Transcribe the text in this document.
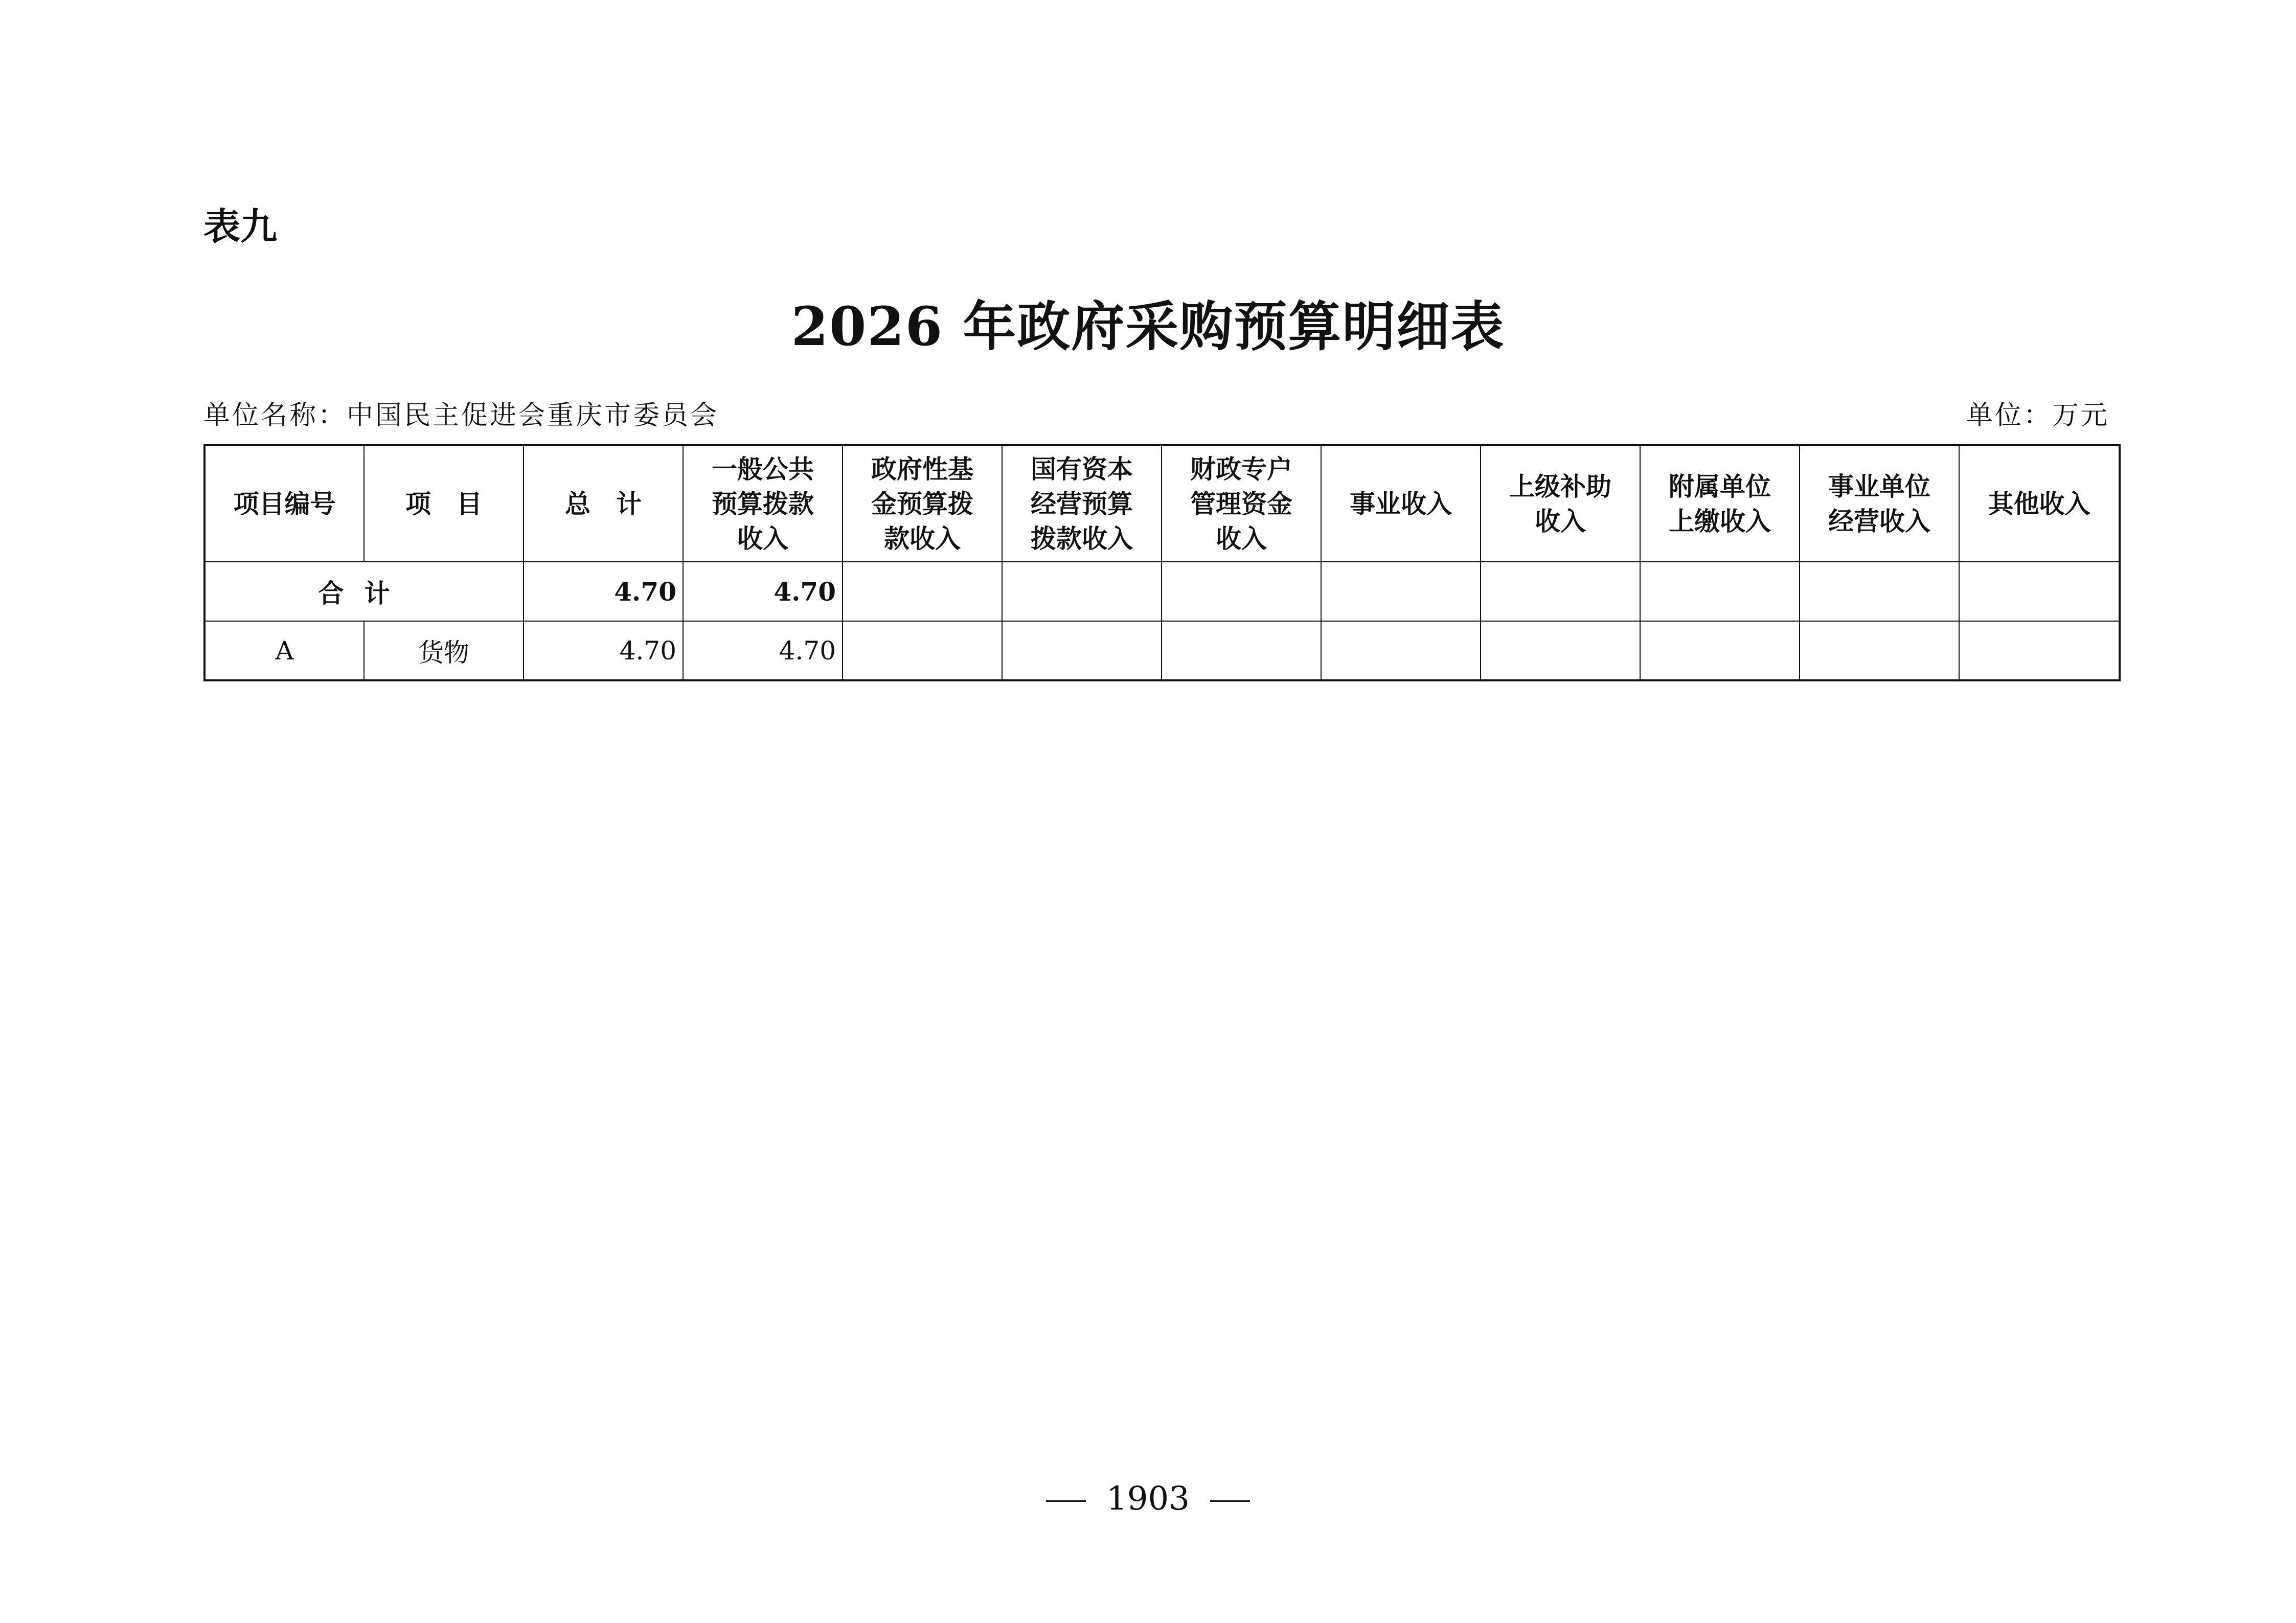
表九
2026 年政府采购预算明细表
单位名称：中国民主促进会重庆市委员会	单位：万元
项目编号	项　目	总　计	一般公共预算拨款收入	政府性基金预算拨款收入	国有资本经营预算拨款收入	财政专户管理资金收入	事业收入	上级补助收入	附属单位上缴收入	事业单位经营收入	其他收入
合计		4.70	4.70								
A	货物	4.70	4.70								
1903
